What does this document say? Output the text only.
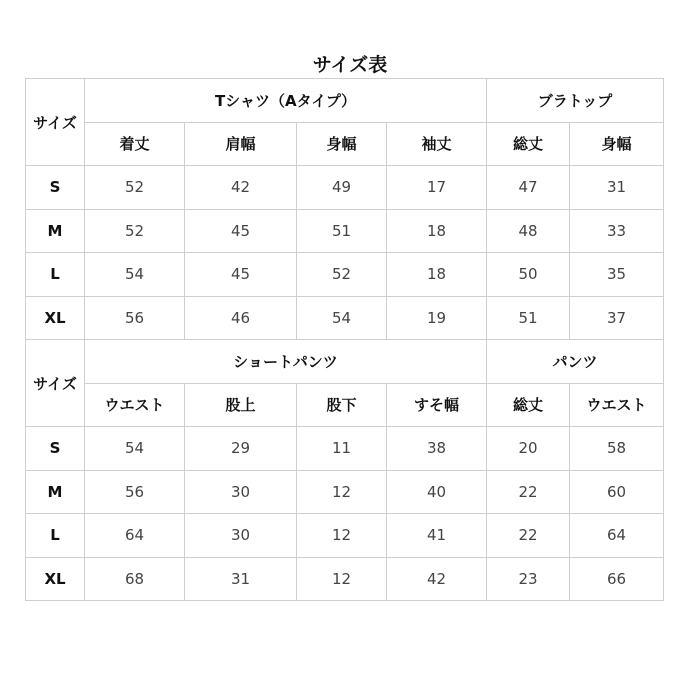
サイズ表
サイズ	Tシャツ（Aタイプ）				ブラトップ	
	着丈	肩幅	身幅	袖丈	総丈	身幅
S	52	42	49	17	47	31
M	52	45	51	18	48	33
L	54	45	52	18	50	35
XL	56	46	54	19	51	37
サイズ	ショートパンツ				パンツ	
	ウエスト	股上	股下	すそ幅	総丈	ウエスト
S	54	29	11	38	20	58
M	56	30	12	40	22	60
L	64	30	12	41	22	64
XL	68	31	12	42	23	66
